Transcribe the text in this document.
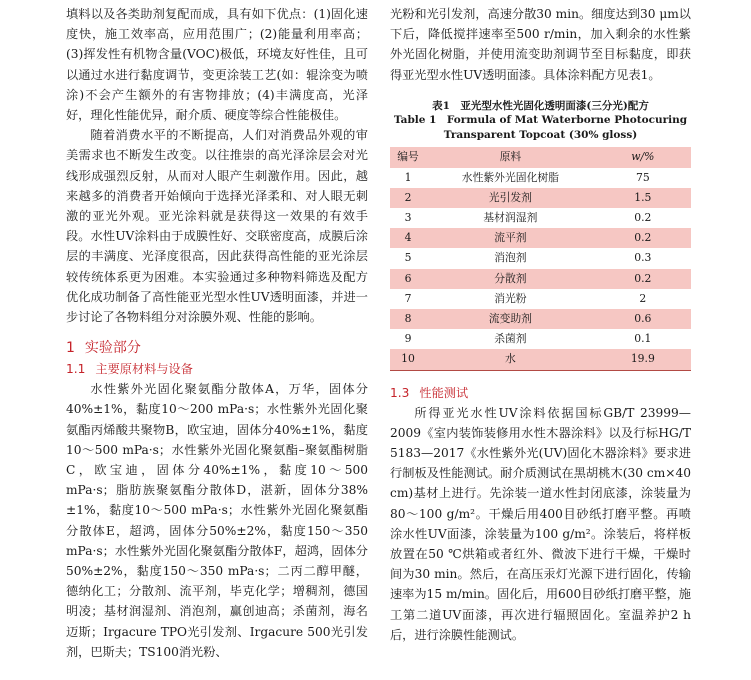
填料以及各类助剂复配而成，具有如下优点：(1)固化速度快，施工效率高，应用范围广；(2)能量利用率高；(3)挥发性有机物含量(VOC)极低，环境友好性佳，且可以通过水进行黏度调节，变更涂装工艺(如：辊涂变为喷涂)不会产生额外的有害物排放；(4)丰满度高，光泽好，理化性能优异，耐介质、硬度等综合性能极佳。

随着消费水平的不断提高，人们对消费品外观的审美需求也不断发生改变。以往推崇的高光泽涂层会对光线形成强烈反射，从而对人眼产生刺激作用。因此，越来越多的消费者开始倾向于选择光泽柔和、对人眼无刺激的亚光外观。亚光涂料就是获得这一效果的有效手段。水性UV涂料由于成膜性好、交联密度高，成膜后涂层的丰满度、光泽度很高，因此获得高性能的亚光涂层较传统体系更为困难。本实验通过多种物料筛选及配方优化成功制备了高性能亚光型水性UV透明面漆，并进一步讨论了各物料组分对涂膜外观、性能的影响。

1 实验部分
1.1 主要原材料与设备

水性紫外光固化聚氨酯分散体A，万华，固体分40%±1%，黏度10～200 mPa·s；水性紫外光固化聚氨酯丙烯酸共聚物B，欧宝迪，固体分40%±1%，黏度10～500 mPa·s；水性紫外光固化聚氨酯–聚氨酯树脂C，欧宝迪，固体分40%±1%，黏度10～500 mPa·s；脂肪族聚氨酯分散体D，湛新，固体分38%±1%，黏度10～500 mPa·s；水性紫外光固化聚氨酯分散体E，超鸿，固体分50%±2%，黏度150～350 mPa·s；水性紫外光固化聚氨酯分散体F，超鸿，固体分50%±2%，黏度150～350 mPa·s；二丙二醇甲醚，德纳化工；分散剂、流平剂，毕克化学；增稠剂，德国明凌；基材润湿剂、消泡剂，赢创迪高；杀菌剂，海名迈斯；Irgacure TPO光引发剂、Irgacure 500光引发剂，巴斯夫；TS100消光粉、

光粉和光引发剂，高速分散30 min。细度达到30 μm以下后，降低搅拌速率至500 r/min，加入剩余的水性紫外光固化树脂，并使用流变助剂调节至目标黏度，即获得亚光型水性UV透明面漆。具体涂料配方见表1。

表1　亚光型水性光固化透明面漆(三分光)配方
Table 1　Formula of Mat Waterborne Photocuring
Transparent Topcoat (30% gloss)
编号	原料	w/%
1	水性紫外光固化树脂	75
2	光引发剂	1.5
3	基材润湿剂	0.2
4	流平剂	0.2
5	消泡剂	0.3
6	分散剂	0.2
7	消光粉	2
8	流变助剂	0.6
9	杀菌剂	0.1
10	水	19.9
1.3 性能测试

所得亚光水性UV涂料依据国标GB/T 23999—2009《室内装饰装修用水性木器涂料》以及行标HG/T 5183—2017《水性紫外光(UV)固化木器涂料》要求进行制板及性能测试。耐介质测试在黑胡桃木(30 cm×40 cm)基材上进行。先涂装一道水性封闭底漆，涂装量为80～100 g/m²。干燥后用400目砂纸打磨平整。再喷涂水性UV面漆，涂装量为100 g/m²。涂装后，将样板放置在50 ℃烘箱或者红外、微波下进行干燥，干燥时间为30 min。然后，在高压汞灯光源下进行固化，传输速率为15 m/min。固化后，用600目砂纸打磨平整，施工第二道UV面漆，再次进行辐照固化。室温养护2 h后，进行涂膜性能测试。
